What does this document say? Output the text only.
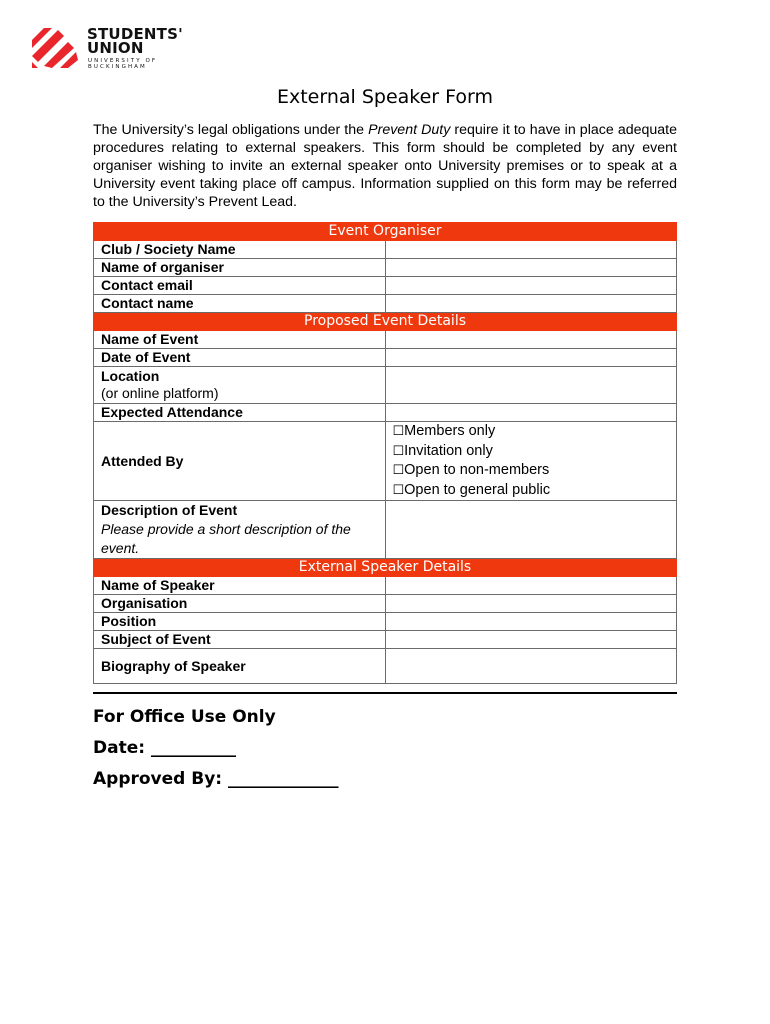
STUDENTS'
UNION
UNIVERSITY OF
BUCKINGHAM
External Speaker Form

The University’s legal obligations under the Prevent Duty require it to have in place adequate procedures relating to external speakers. This form should be completed by any event organiser wishing to invite an external speaker onto University premises or to speak at a University event taking place off campus. Information supplied on this form may be referred to the University’s Prevent Lead.

Event Organiser	
Club / Society Name	
Name of organiser	
Contact email	
Contact name	
Proposed Event Details	
Name of Event	
Date of Event	
Location
(or online platform)	
Expected Attendance	
Attended By	☐Members only
☐Invitation only
☐Open to non-members
☐Open to general public

Description of Event
Please provide a short description of the event.	
External Speaker Details	
Name of Speaker	
Organisation	
Position	
Subject of Event	
Biography of Speaker	
For Office Use Only
Date: __________
Approved By: _____________
